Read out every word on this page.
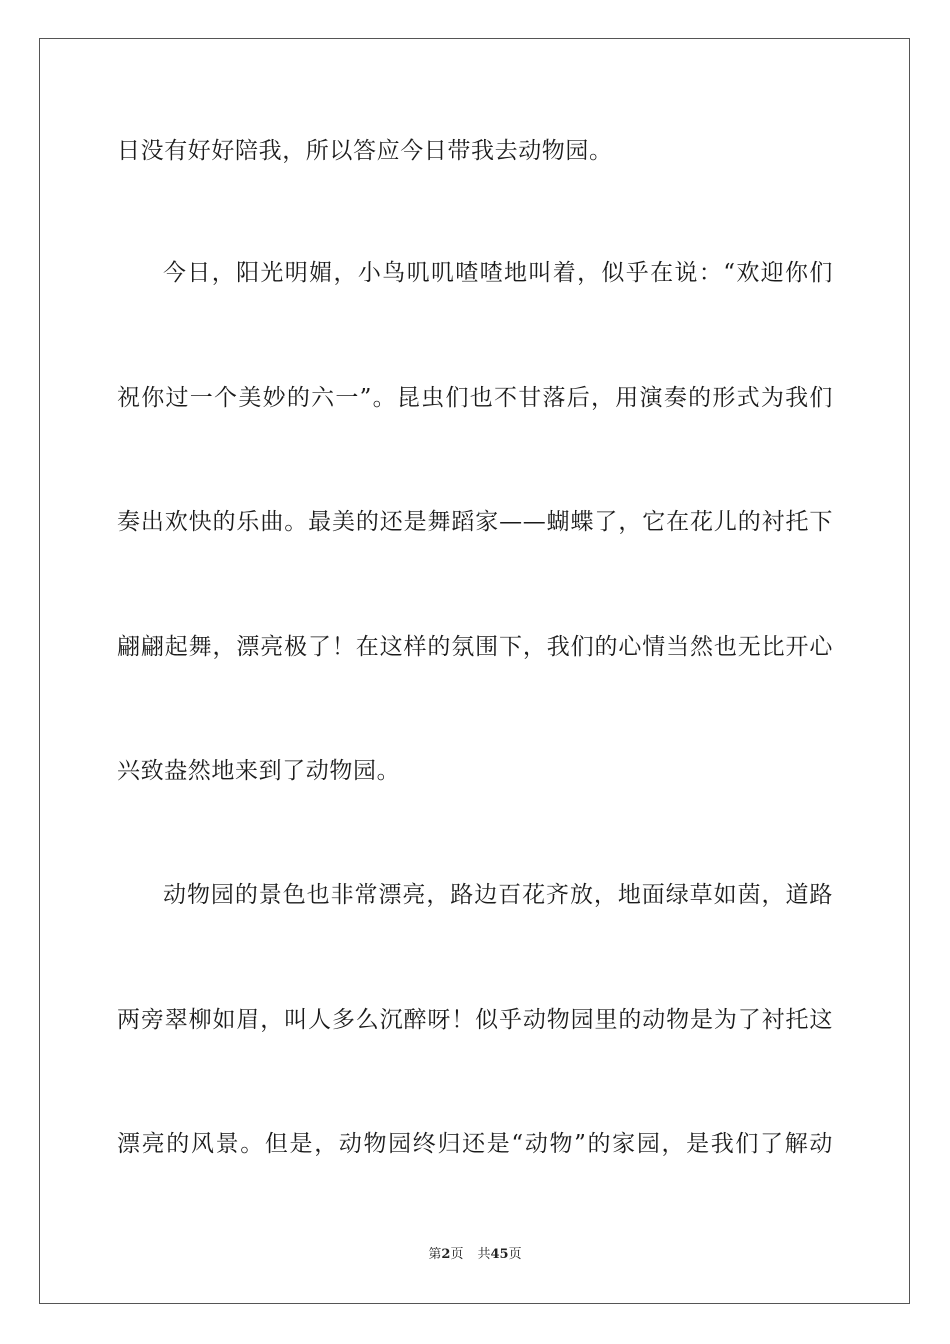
日没有好好陪我，所以答应今日带我去动物园。
今日，阳光明媚，小鸟叽叽喳喳地叫着，似乎在说：“欢迎你们
祝你过一个美妙的六一”。昆虫们也不甘落后，用演奏的形式为我们
奏出欢快的乐曲。最美的还是舞蹈家——蝴蝶了，它在花儿的衬托下
翩翩起舞，漂亮极了！在这样的氛围下，我们的心情当然也无比开心
兴致盎然地来到了动物园。
动物园的景色也非常漂亮，路边百花齐放，地面绿草如茵，道路
两旁翠柳如眉，叫人多么沉醉呀！似乎动物园里的动物是为了衬托这
漂亮的风景。但是，动物园终归还是“动物”的家园，是我们了解动
第2页 共45页
